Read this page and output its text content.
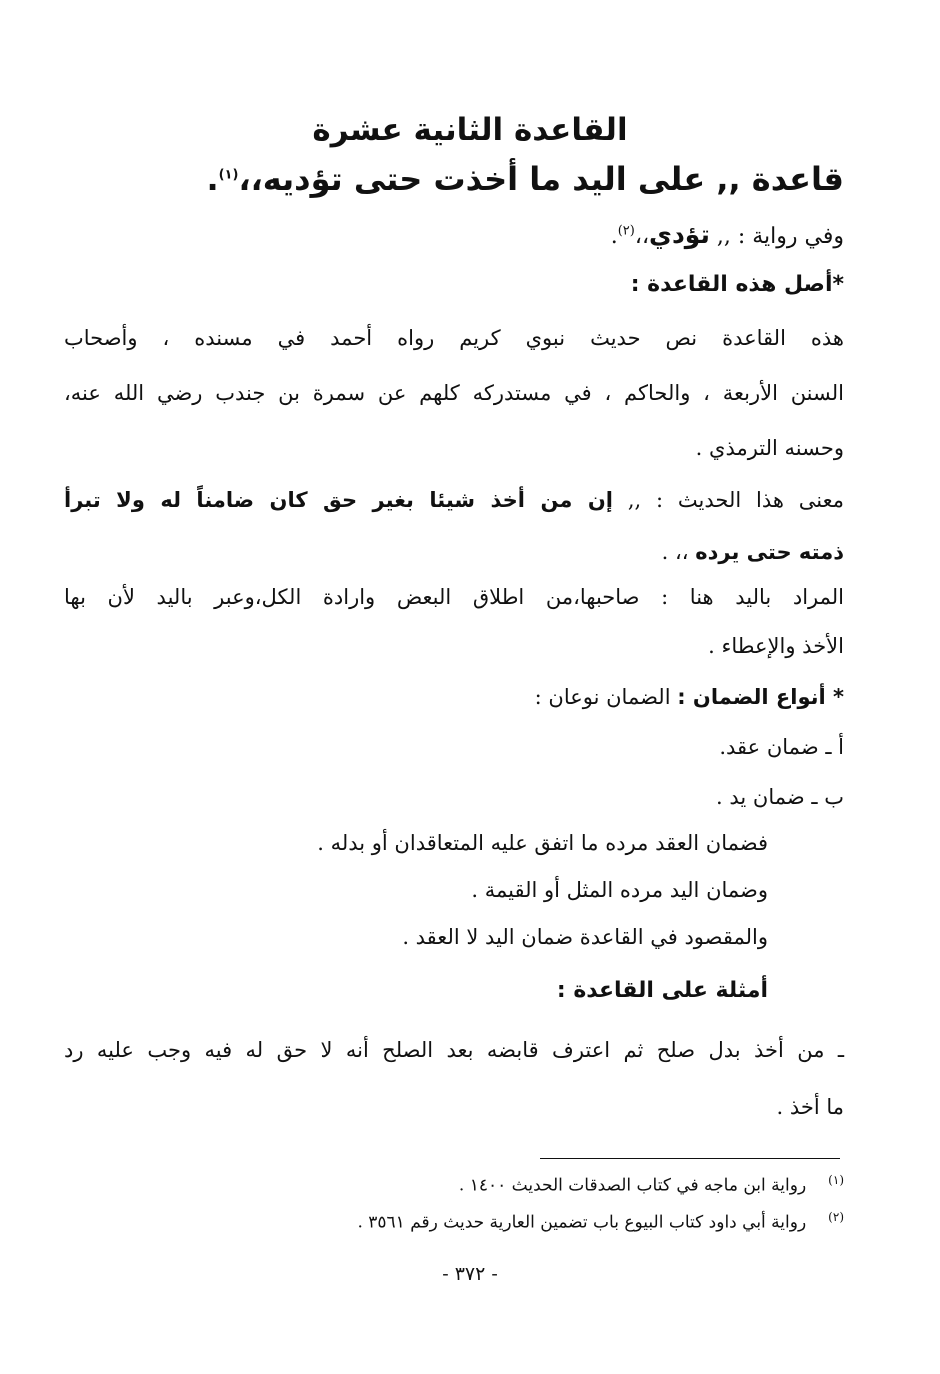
القاعدة الثانية عشرة
قاعدة ,, على اليد ما أخذت حتى تؤديه،،$^{(١)}$.
وفي رواية : ,, تؤدي،،$^{(٢)}$.
*أصل هذه القاعدة :
هذه القاعدة نص حديث نبوي كريم رواه أحمد في مسنده ، وأصحاب
السنن الأربعة ، والحاكم ، في مستدركه كلهم عن سمرة بن جندب رضي الله عنه،
وحسنه الترمذي .
معنى هذا الحديث : ,, إن من أخذ شيئا بغير حق كان ضامناً له ولا تبرأ
ذمته حتى يرده ،، .
المراد باليد هنا : صاحبها،من اطلاق البعض وارادة الكل،وعبر باليد لأن بها
الأخذ والإعطاء .
* أنواع الضمان : الضمان نوعان :
أ ـ ضمان عقد.
ب ـ ضمان يد .
فضمان العقد مرده ما اتفق عليه المتعاقدان أو بدله .
وضمان اليد مرده المثل أو القيمة .
والمقصود في القاعدة ضمان اليد لا العقد .
أمثلة على القاعدة :
ـ من أخذ بدل صلح ثم اعترف قابضه بعد الصلح أنه لا حق له فيه وجب عليه رد
ما أخذ .
$^{(١)}$رواية ابن ماجه في كتاب الصدقات الحديث ١٤٠٠ .
$^{(٢)}$رواية أبي داود كتاب البيوع باب تضمين العارية حديث رقم ٣٥٦١ .
- ٣٧٢ -
